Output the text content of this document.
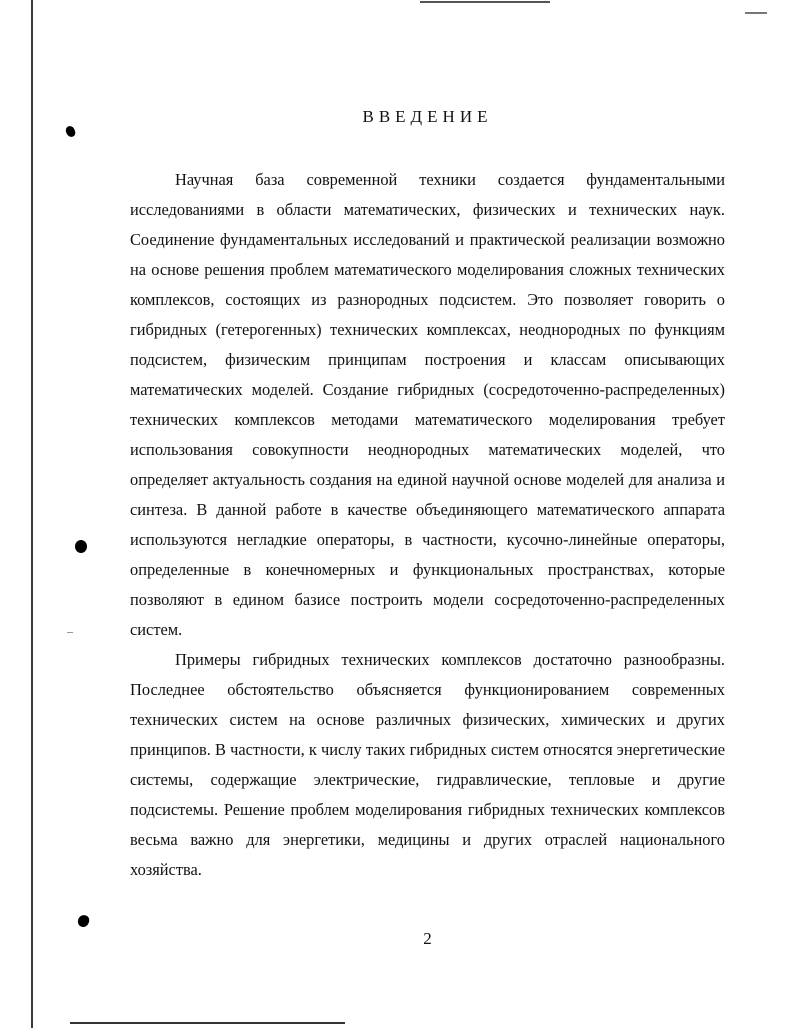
ВВЕДЕНИЕ

Научная база современной техники создается фундаментальными исследованиями в области математических, физических и технических наук. Соединение фундаментальных исследований и практической реализации возможно на основе решения проблем математического моделирования сложных технических комплексов, состоящих из разнородных подсистем. Это позволяет говорить о гибридных (гетерогенных) технических комплексах, неоднородных по функциям подсистем, физическим принципам построения и классам описывающих математических моделей. Создание гибридных (сосредоточенно-распределенных) технических комплексов методами математического моделирования требует использования совокупности неоднородных математических моделей, что определяет актуальность создания на единой научной основе моделей для анализа и синтеза. В данной работе в качестве объединяющего математического аппарата используются негладкие операторы, в частности, кусочно-линейные операторы, определенные в конечномерных и функциональных пространствах, которые позволяют в едином базисе построить модели сосредоточенно-распределенных систем.

Примеры гибридных технических комплексов достаточно разнообразны. Последнее обстоятельство объясняется функционированием современных технических систем на основе различных физических, химических и других принципов. В частности, к числу таких гибридных систем относятся энергетические системы, содержащие электрические, гидравлические, тепловые и другие подсистемы. Решение проблем моделирования гибридных технических комплексов весьма важно для энергетики, медицины и других отраслей национального хозяйства.

2
